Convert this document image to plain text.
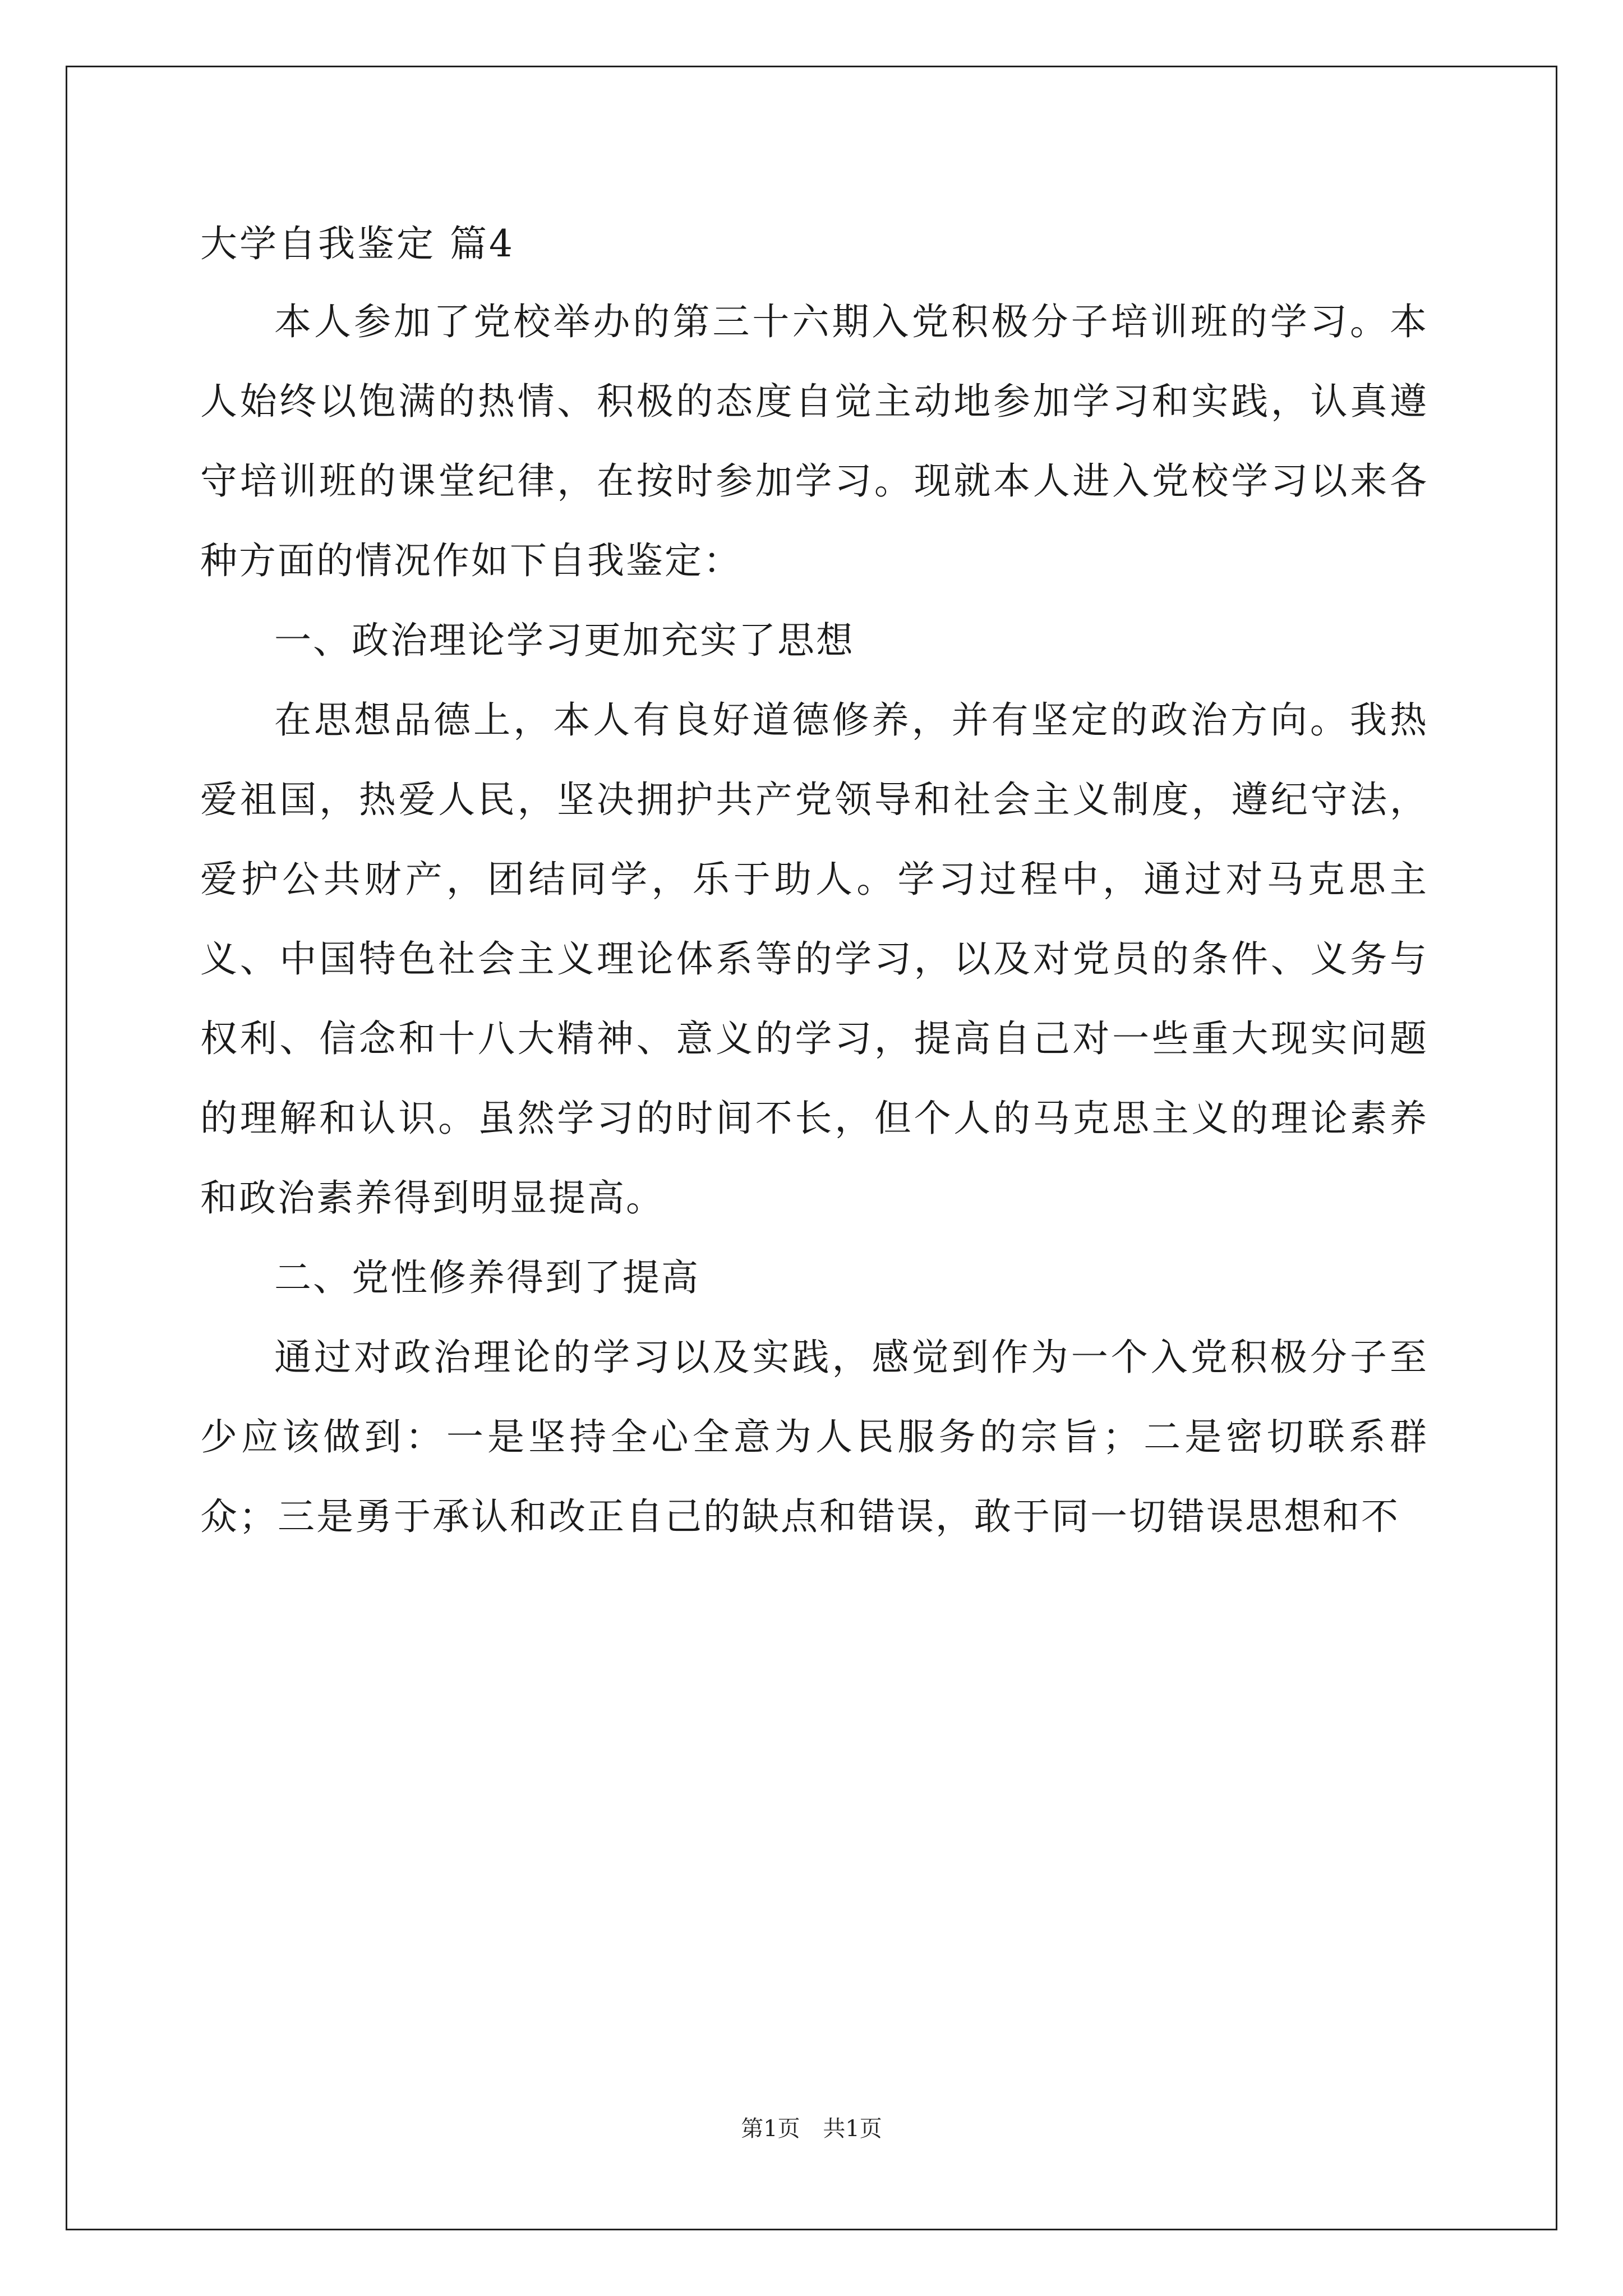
大学自我鉴定 篇4

本人参加了党校举办的第三十六期入党积极分子培训班的学习。本人始终以饱满的热情、积极的态度自觉主动地参加学习和实践，认真遵守培训班的课堂纪律，在按时参加学习。现就本人进入党校学习以来各种方面的情况作如下自我鉴定：

一、政治理论学习更加充实了思想

在思想品德上，本人有良好道德修养，并有坚定的政治方向。我热爱祖国，热爱人民，坚决拥护共产党领导和社会主义制度，遵纪守法，爱护公共财产，团结同学，乐于助人。学习过程中，通过对马克思主义、中国特色社会主义理论体系等的学习，以及对党员的条件、义务与权利、信念和十八大精神、意义的学习，提高自己对一些重大现实问题的理解和认识。虽然学习的时间不长，但个人的马克思主义的理论素养和政治素养得到明显提高。

二、党性修养得到了提高

通过对政治理论的学习以及实践，感觉到作为一个入党积极分子至少应该做到：一是坚持全心全意为人民服务的宗旨；二是密切联系群众；三是勇于承认和改正自己的缺点和错误，敢于同一切错误思想和不

第1页 共1页
